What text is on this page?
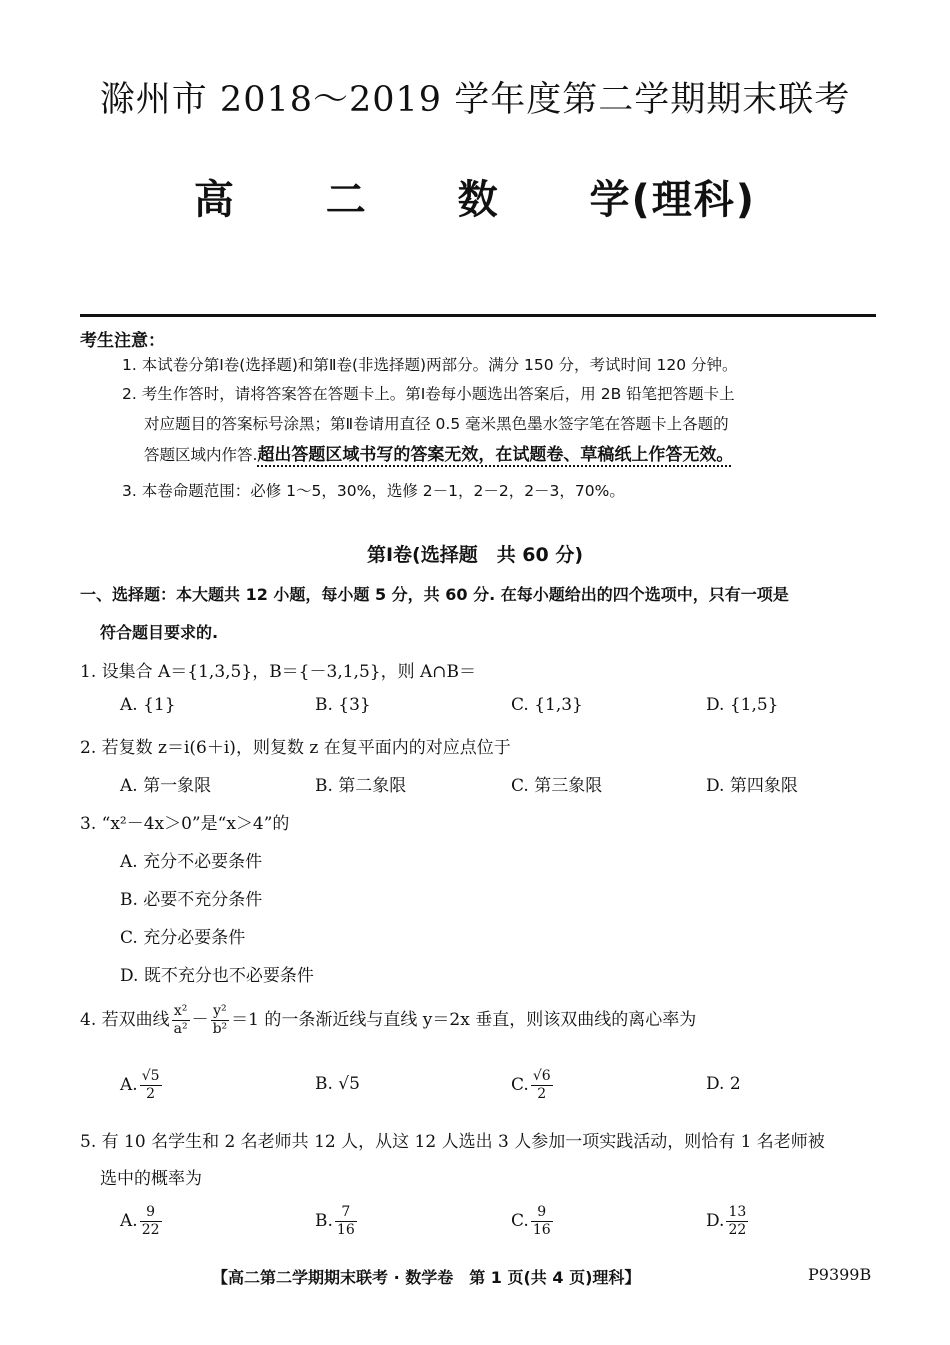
滁州市 2018～2019 学年度第二学期期末联考
高 二 数 学(理科)
考生注意：
1. 本试卷分第Ⅰ卷(选择题)和第Ⅱ卷(非选择题)两部分。满分 150 分，考试时间 120 分钟。
2. 考生作答时，请将答案答在答题卡上。第Ⅰ卷每小题选出答案后，用 2B 铅笔把答题卡上
对应题目的答案标号涂黑；第Ⅱ卷请用直径 0.5 毫米黑色墨水签字笔在答题卡上各题的
答题区域内作答.超出答题区域书写的答案无效，在试题卷、草稿纸上作答无效。
3. 本卷命题范围：必修 1～5，30%，选修 2－1，2－2，2－3，70%。
第Ⅰ卷(选择题　共 60 分)
一、选择题：本大题共 12 小题，每小题 5 分，共 60 分. 在每小题给出的四个选项中，只有一项是
符合题目要求的.
1. 设集合 A＝{1,3,5}，B＝{－3,1,5}，则 A∩B＝
A. {1}	B. {3}	C. {1,3}	D. {1,5}
2. 若复数 z＝i(6＋i)，则复数 z 在复平面内的对应点位于
A. 第一象限	B. 第二象限	C. 第三象限	D. 第四象限
3. “x²－4x＞0”是“x＞4”的
A. 充分不必要条件
B. 必要不充分条件
C. 充分必要条件
D. 既不充分也不必要条件
4. 若双曲线 $\frac{\text{x²}}{\text{a²}} - \frac{\text{y²}}{\text{b²}} =1$ 的一条渐近线与直线 y＝2x 垂直，则该双曲线的离心率为
A. $\frac{√5}{2}$	B. √5	C. $\frac{√6}{2}$	D. 2
5. 有 10 名学生和 2 名老师共 12 人，从这 12 人选出 3 人参加一项实践活动，则恰有 1 名老师被
选中的概率为
A. $\frac{9}{22}$	B. $\frac{7}{16}$	C. $\frac{9}{16}$	D. $\frac{13}{22}$
【高二第二学期期末联考 · 数学卷　第 1 页(共 4 页)理科】	P9399B
